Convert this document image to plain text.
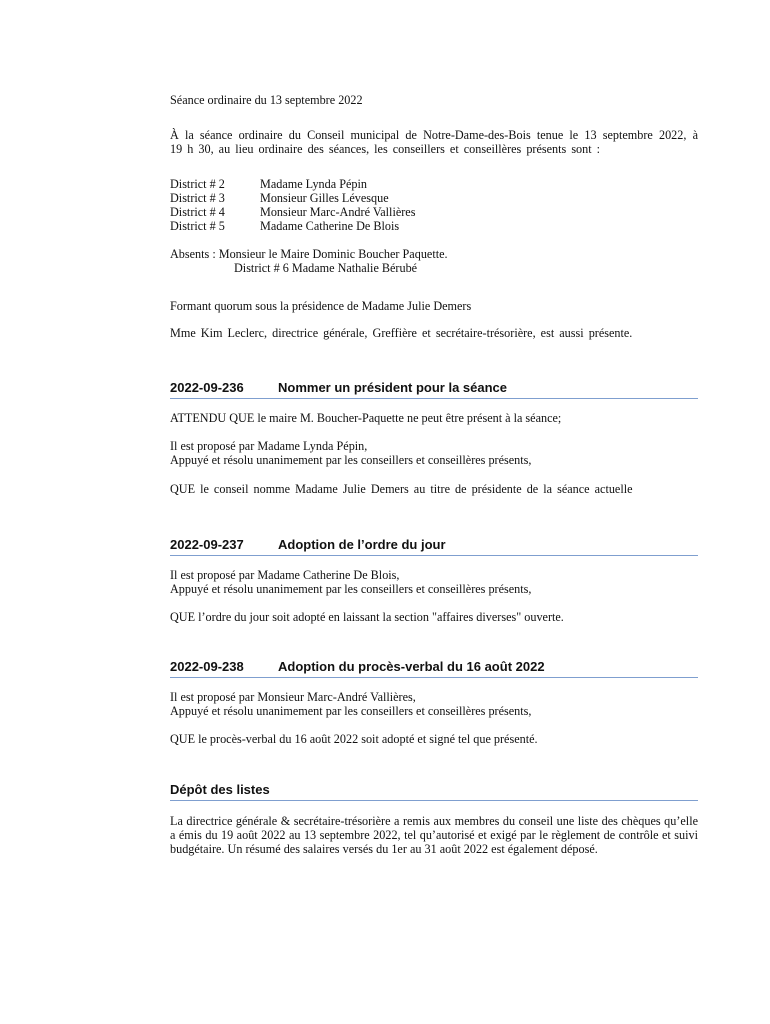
Séance ordinaire du 13 septembre 2022

À la séance ordinaire du Conseil municipal de Notre-Dame-des-Bois tenue le 13 septembre 2022, à 19 h 30, au lieu ordinaire des séances, les conseillers et conseillères présents sont :

District # 2	Madame Lynda Pépin
District # 3	Monsieur Gilles Lévesque
District # 4	Monsieur Marc-André Vallières
District # 5	Madame Catherine De Blois

Absents : Monsieur le Maire Dominic Boucher Paquette.

District # 6 Madame Nathalie Bérubé

Formant quorum sous la présidence de Madame Julie Demers

Mme Kim Leclerc, directrice générale, Greffière et secrétaire-trésorière, est aussi présente.

2022-09-236	Nommer un président pour la séance

ATTENDU QUE le maire M. Boucher-Paquette ne peut être présent à la séance;

Il est proposé par Madame Lynda Pépin,

Appuyé et résolu unanimement par les conseillers et conseillères présents,

QUE le conseil nomme Madame Julie Demers au titre de présidente de la séance actuelle

2022-09-237	Adoption de l’ordre du jour

Il est proposé par Madame Catherine De Blois,

Appuyé et résolu unanimement par les conseillers et conseillères présents,

QUE l’ordre du jour soit adopté en laissant la section "affaires diverses" ouverte.

2022-09-238	Adoption du procès-verbal du 16 août 2022

Il est proposé par Monsieur Marc-André Vallières,

Appuyé et résolu unanimement par les conseillers et conseillères présents,

QUE le procès-verbal du 16 août 2022 soit adopté et signé tel que présenté.

Dépôt des listes

La directrice générale & secrétaire-trésorière a remis aux membres du conseil une liste des chèques qu’elle a émis du 19 août 2022 au 13 septembre 2022, tel qu’autorisé et exigé par le règlement de contrôle et suivi budgétaire. Un résumé des salaires versés du 1er au 31 août 2022 est également déposé.
